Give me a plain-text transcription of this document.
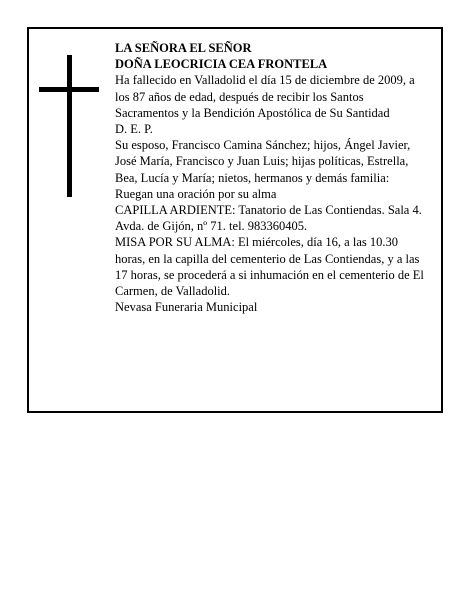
LA SEÑORA EL SEÑOR

DOÑA LEOCRICIA CEA FRONTELA

Ha fallecido en Valladolid el día 15 de diciembre de 2009, a los 87 años de edad, después de recibir los Santos Sacramentos y la Bendición Apostólica de Su Santidad

D. E. P.

Su esposo, Francisco Camina Sánchez; hijos, Ángel Javier, José María, Francisco y Juan Luis; hijas políticas, Estrella, Bea, Lucía y María; nietos, hermanos y demás familia:

Ruegan una oración por su alma

CAPILLA ARDIENTE: Tanatorio de Las Contiendas. Sala 4.

Avda. de Gijón, nº 71. tel. 983360405.

MISA POR SU ALMA: El miércoles, día 16, a las 10.30 horas, en la capilla del cementerio de Las Contiendas, y a las 17 horas, se procederá a si inhumación en el cementerio de El Carmen, de Valladolid.

Nevasa Funeraria Municipal
